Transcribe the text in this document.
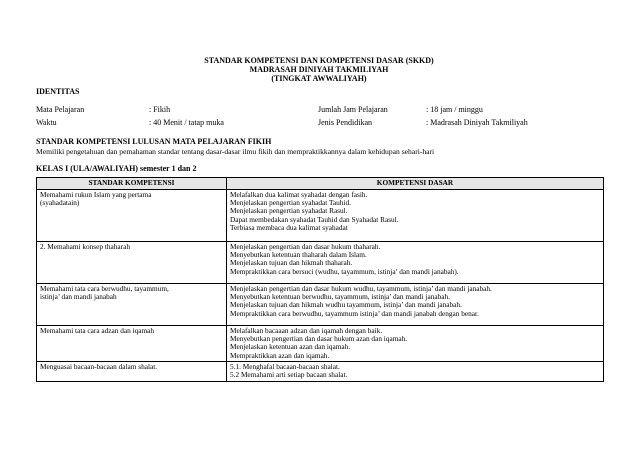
STANDAR KOMPETENSI DAN KOMPETENSI DASAR (SKKD)
MADRASAH DINIYAH TAKMILIYAH
(TINGKAT AWWALIYAH)
IDENTITAS
Mata Pelajaran	: Fikih	Jumlah Jam Pelajaran	: 18 jam / minggu
Waktu	: 40 Menit / tatap muka	Jenis Pendidikan	: Madrasah Diniyah Takmiliyah
STANDAR KOMPETENSI LULUSAN MATA PELAJARAN FIKIH
Memiliki pengetahuan dan pemahaman standar tentang dasar-dasar ilmu fikih dan mempraktikkannya dalam kehidupan sehari-hari
KELAS I (ULA/AWALIYAH) semester 1 dan 2
STANDAR KOMPETENSI	KOMPETENSI DASAR

Memahami rukun Islam yang pertama
(syahadatain)	Melafalkan dua kalimat syahadat dengan fasih.
Menjelaskan pengertian syahadat Tauhid.
Menjelaskan pengertian syahadat Rasul.
Dapat membedakan syahadat Tauhid dan Syahadat Rasul.
Terbiasa membaca dua kalimat syahadat

2. Memahami konsep thaharah	Menjelaskan pengertian dan dasar hukum thaharah.
Menyebutkan ketentuan thaharah dalam Islam.
Menjelaskan tujuan dan hikmah thaharah.
Mempraktikkan cara bersuci (wudhu, tayammum, istinja’ dan mandi janabah).

Memahami tata cara berwudhu, tayammum,
istinja’ dan mandi janabah	Menjelaskan pengertian dan dasar hukum wudhu, tayammum, istinja’ dan mandi janabah.
Menyebutkan ketentuan berwudhu, tayammum, istinja’ dan mandi janabah.
Menjelaskan tujuan dan hikmah wudhu tayammum, istinja’ dan mandi janabah.
Mempraktikkan cara berwudhu, tayammum istinja’ dan mandi janabah dengan benar.

Memahami tata cara adzan dan iqamah	Melafalkan bacaaan adzan dan iqamah dengan baik.
Menyebutkan pengertian dan dasar hukum azan dan iqamah.
Menjelaskan ketentuan azan dan iqamah.
Mempraktikkan azan dan iqamah.

Menguasai bacaan-bacaan dalam shalat.	5.1. Menghafal bacaan-bacaan shalat.
5.2 Memahami arti setiap bacaan shalat.
